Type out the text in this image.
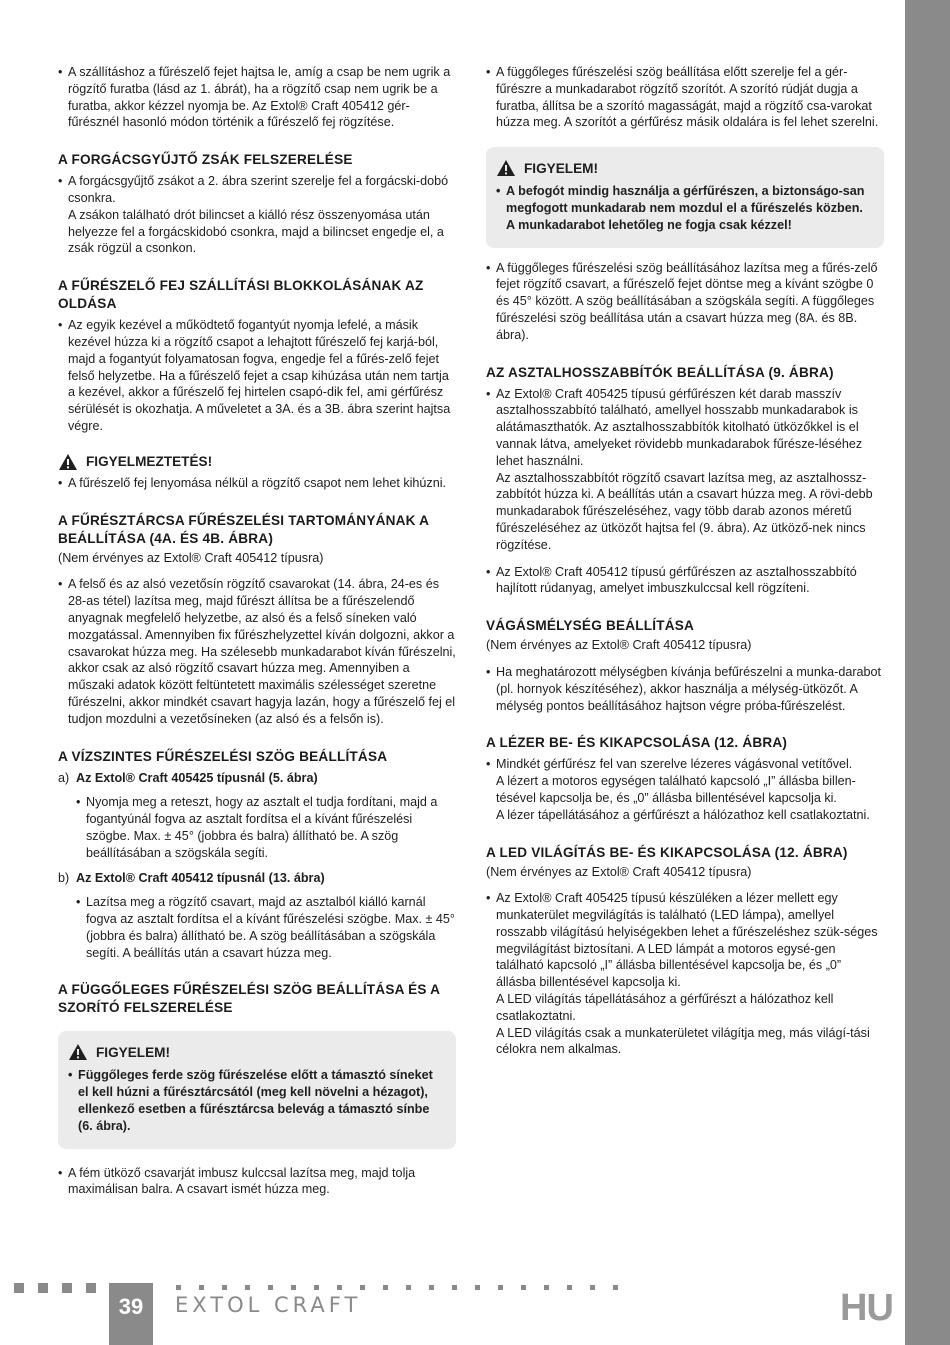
• A szállításhoz a fűrészelő fejet hajtsa le, amíg a csap be nem ugrik a rögzítő furatba (lásd az 1. ábrát), ha a rögzítő csap nem ugrik be a furatba, akkor kézzel nyomja be. Az Extol® Craft 405412 gér-fűrésznél hasonló módon történik a fűrészelő fej rögzítése.

A FORGÁCSGYŰJTŐ ZSÁK FELSZERELÉSE

• A forgácsgyűjtő zsákot a 2. ábra szerint szerelje fel a forgácski-dobó csonkra.

A zsákon található drót bilincset a kiálló rész összenyomása után helyezze fel a forgácskidobó csonkra, majd a bilincset engedje el, a zsák rögzül a csonkon.

A FŰRÉSZELŐ FEJ SZÁLLÍTÁSI BLOKKOLÁSÁNAK AZ OLDÁSA

• Az egyik kezével a működtető fogantyút nyomja lefelé, a másik kezével húzza ki a rögzítő csapot a lehajtott fűrészelő fej karjá-ból, majd a fogantyút folyamatosan fogva, engedje fel a fűrés-zelő fejet felső helyzetbe. Ha a fűrészelő fejet a csap kihúzása után nem tartja a kezével, akkor a fűrészelő fej hirtelen csapó-dik fel, ami gérfűrész sérülését is okozhatja. A műveletet a 3A. és a 3B. ábra szerint hajtsa végre.

FIGYELMEZTETÉS!

• A fűrészelő fej lenyomása nélkül a rögzítő csapot nem lehet kihúzni.

A FŰRÉSZTÁRCSA FŰRÉSZELÉSI TARTOMÁNYÁNAK A BEÁLLÍTÁSA (4A. ÉS 4B. ÁBRA)

(Nem érvényes az Extol® Craft 405412 típusra)

• A felső és az alsó vezetősín rögzítő csavarokat (14. ábra, 24-es és 28-as tétel) lazítsa meg, majd fűrészt állítsa be a fűrészelendő anyagnak megfelelő helyzetbe, az alsó és a felső síneken való mozgatással. Amennyiben fix fűrészhelyzettel kíván dolgozni, akkor a csavarokat húzza meg. Ha szélesebb munkadarabot kíván fűrészelni, akkor csak az alsó rögzítő csavart húzza meg. Amennyiben a műszaki adatok között feltüntetett maximális szélességet szeretne fűrészelni, akkor mindkét csavart hagyja lazán, hogy a fűrészelő fej el tudjon mozdulni a vezetősíneken (az alsó és a felsőn is).

A VÍZSZINTES FŰRÉSZELÉSI SZÖG BEÁLLÍTÁSA

a) Az Extol® Craft 405425 típusnál (5. ábra)

• Nyomja meg a reteszt, hogy az asztalt el tudja fordítani, majd a fogantyúnál fogva az asztalt fordítsa el a kívánt fűrészelési szögbe. Max. ± 45° (jobbra és balra) állítható be. A szög beállításában a szögskála segíti.

b) Az Extol® Craft 405412 típusnál (13. ábra)

• Lazítsa meg a rögzítő csavart, majd az asztalból kiálló karnál fogva az asztalt fordítsa el a kívánt fűrészelési szögbe. Max. ± 45° (jobbra és balra) állítható be. A szög beállításában a szögskála segíti. A beállítás után a csavart húzza meg.

A FÜGGŐLEGES FŰRÉSZELÉSI SZÖG BEÁLLÍTÁSA ÉS A SZORÍTÓ FELSZERELÉSE

FIGYELEM!

• Függőleges ferde szög fűrészelése előtt a támasztó síneket el kell húzni a fűrésztárcsától (meg kell növelni a hézagot), ellenkező esetben a fűrésztárcsa belevág a támasztó sínbe (6. ábra).

• A fém ütköző csavarját imbusz kulccsal lazítsa meg, majd tolja maximálisan balra. A csavart ismét húzza meg.

• A függőleges fűrészelési szög beállítása előtt szerelje fel a gér-fűrészre a munkadarabot rögzítő szorítót. A szorító rúdját dugja a furatba, állítsa be a szorító magasságát, majd a rögzítő csa-varokat húzza meg. A szorítót a gérfűrész másik oldalára is fel lehet szerelni.

FIGYELEM!

• A befogót mindig használja a gérfűrészen, a biztonságo-san megfogott munkadarab nem mozdul el a fűrészelés közben. A munkadarabot lehetőleg ne fogja csak kézzel!

• A függőleges fűrészelési szög beállításához lazítsa meg a fűrés-zelő fejet rögzítő csavart, a fűrészelő fejet döntse meg a kívánt szögbe 0 és 45° között. A szög beállításában a szögskála segíti. A függőleges fűrészelési szög beállítása után a csavart húzza meg (8A. és 8B. ábra).

AZ ASZTALHOSSZABBÍTÓK BEÁLLÍTÁSA (9. ÁBRA)

• Az Extol® Craft 405425 típusú gérfűrészen két darab masszív asztalhosszabbító található, amellyel hosszabb munkadarabok is alátámaszthatók. Az asztalhosszabbítók kitolható ütközőkkel is el vannak látva, amelyeket rövidebb munkadarabok fűrésze-léséhez lehet használni.

Az asztalhosszabbítót rögzítő csavart lazítsa meg, az asztalhossz-zabbítót húzza ki. A beállítás után a csavart húzza meg. A rövi-debb munkadarabok fűrészeléséhez, vagy több darab azonos méretű fűrészeléséhez az ütközőt hajtsa fel (9. ábra). Az ütköző-nek nincs rögzítése.

• Az Extol® Craft 405412 típusú gérfűrészen az asztalhosszabbító hajlított rúdanyag, amelyet imbuszkulccsal kell rögzíteni.

VÁGÁSMÉLYSÉG BEÁLLÍTÁSA

(Nem érvényes az Extol® Craft 405412 típusra)

• Ha meghatározott mélységben kívánja befűrészelni a munka-darabot (pl. hornyok készítéséhez), akkor használja a mélység-ütközőt. A mélység pontos beállításához hajtson végre próba-fűrészelést.

A LÉZER BE- ÉS KIKAPCSOLÁSA (12. ÁBRA)

• Mindkét gérfűrész fel van szerelve lézeres vágásvonal vetítővel.

A lézert a motoros egységen található kapcsoló „I” állásba billen-tésével kapcsolja be, és „0” állásba billentésével kapcsolja ki.

A lézer tápellátásához a gérfűrészt a hálózathoz kell csatlakoztatni.

A LED VILÁGÍTÁS BE- ÉS KIKAPCSOLÁSA (12. ÁBRA)

(Nem érvényes az Extol® Craft 405412 típusra)

• Az Extol® Craft 405425 típusú készüléken a lézer mellett egy munkaterület megvilágítás is található (LED lámpa), amellyel rosszabb világítású helyiségekben lehet a fűrészeléshez szük-séges megvilágítást biztosítani. A LED lámpát a motoros egysé-gen található kapcsoló „I” állásba billentésével kapcsolja be, és „0” állásba billentésével kapcsolja ki.

A LED világítás tápellátásához a gérfűrészt a hálózathoz kell csatlakoztatni.

A LED világítás csak a munkaterületet világítja meg, más világí-tási célokra nem alkalmas.

39	EXTOL CRAFT	HU
